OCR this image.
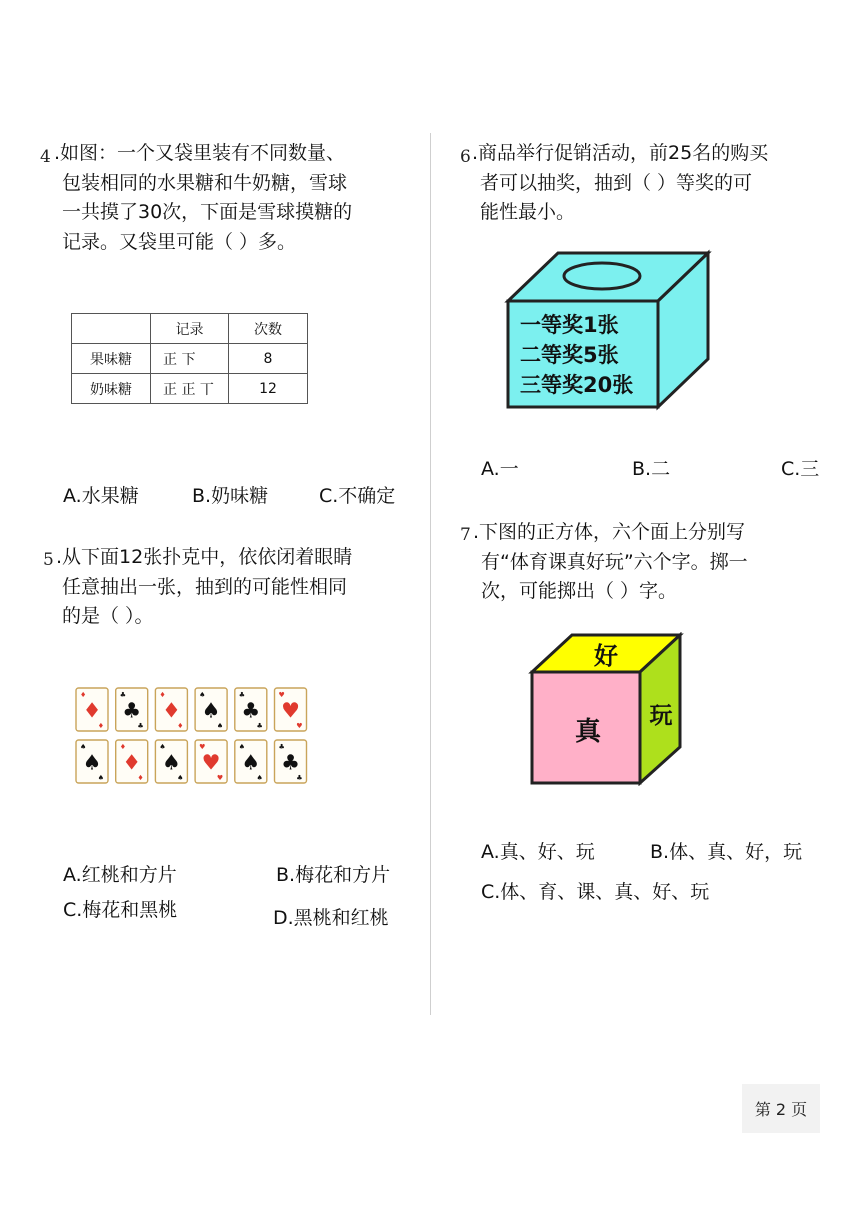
4 .如图：一个又袋里装有不同数量、
包装相同的水果糖和牛奶糖，雪球
一共摸了30次，下面是雪球摸糖的
记录。又袋里可能（ ）多。
	记录	次数
果味糖	正 下	8
奶味糖	正 正 丅	12
A.水果糖	B.奶味糖	C.不确定
5 .从下面12张扑克中，依依闭着眼睛
任意抽出一张，抽到的可能性相同
的是（ ）。
♦
♦
♦
♣
♣
♣
♦
♦
♦
♠
♠
♠
♣
♣
♣
♥
♥
♥
♠
♠
♠
♦
♦
♦
♠
♠
♠
♥
♥
♥
♠
♠
♠
♣
♣
♣
A.红桃和方片	B.梅花和方片
C.梅花和黑桃	D.黑桃和红桃
6 .商品举行促销活动，前25名的购买
者可以抽奖，抽到（ ）等奖的可
能性最小。
一等奖1张
二等奖5张
三等奖20张
A.一	B.二	C.三
7 .下图的正方体，六个面上分别写
有“体育课真好玩”六个字。掷一
次，可能掷出（ ）字。
好
真
玩
A.真、好、玩	B.体、真、好，玩
C.体、育、课、真、好、玩
第 2 页
